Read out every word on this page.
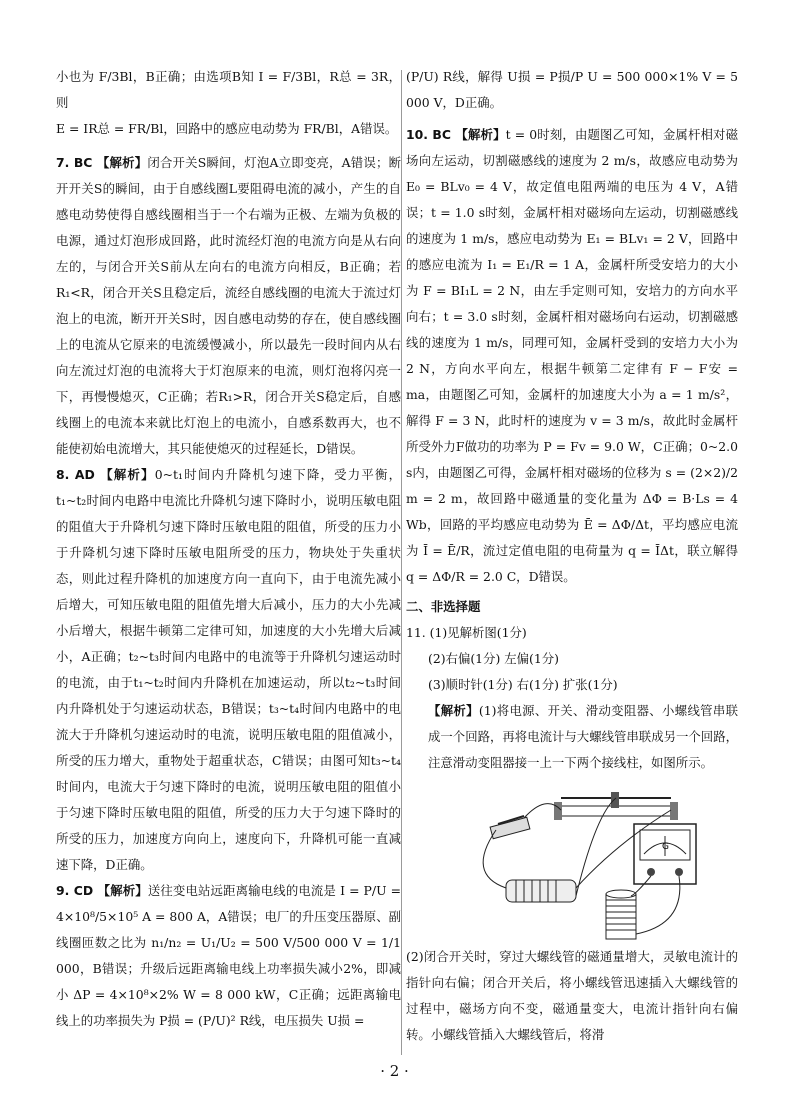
小也为 F/3Bl，B正确；由选项B知 I = F/3Bl，R总 = 3R，则

E = IR总 = FR/Bl，回路中的感应电动势为 FR/Bl，A错误。

7. BC 【解析】闭合开关S瞬间，灯泡A立即变亮，A错误；断开开关S的瞬间，由于自感线圈L要阻碍电流的减小，产生的自感电动势使得自感线圈相当于一个右端为正极、左端为负极的电源，通过灯泡形成回路，此时流经灯泡的电流方向是从右向左的，与闭合开关S前从左向右的电流方向相反，B正确；若R₁<R，闭合开关S且稳定后，流经自感线圈的电流大于流过灯泡上的电流，断开开关S时，因自感电动势的存在，使自感线圈上的电流从它原来的电流缓慢减小，所以最先一段时间内从右向左流过灯泡的电流将大于灯泡原来的电流，则灯泡将闪亮一下，再慢慢熄灭，C正确；若R₁>R，闭合开关S稳定后，自感线圈上的电流本来就比灯泡上的电流小，自感系数再大，也不能使初始电流增大，其只能使熄灭的过程延长，D错误。

8. AD 【解析】0~t₁时间内升降机匀速下降，受力平衡，t₁~t₂时间内电路中电流比升降机匀速下降时小，说明压敏电阻的阻值大于升降机匀速下降时压敏电阻的阻值，所受的压力小于升降机匀速下降时压敏电阻所受的压力，物块处于失重状态，则此过程升降机的加速度方向一直向下，由于电流先减小后增大，可知压敏电阻的阻值先增大后减小，压力的大小先减小后增大，根据牛顿第二定律可知，加速度的大小先增大后减小，A正确；t₂~t₃时间内电路中的电流等于升降机匀速运动时的电流，由于t₁~t₂时间内升降机在加速运动，所以t₂~t₃时间内升降机处于匀速运动状态，B错误；t₃~t₄时间内电路中的电流大于升降机匀速运动时的电流，说明压敏电阻的阻值减小，所受的压力增大，重物处于超重状态，C错误；由图可知t₃~t₄时间内，电流大于匀速下降时的电流，说明压敏电阻的阻值小于匀速下降时压敏电阻的阻值，所受的压力大于匀速下降时的所受的压力，加速度方向向上，速度向下，升降机可能一直减速下降，D正确。

9. CD 【解析】送往变电站远距离输电线的电流是 I = P/U = 4×10⁸/5×10⁵ A = 800 A，A错误；电厂的升压变压器原、副线圈匝数之比为 n₁/n₂ = U₁/U₂ = 500 V/500 000 V = 1/1 000，B错误；升级后远距离输电线上功率损失减小2%，即减小 ΔP = 4×10⁸×2% W = 8 000 kW，C正确；远距离输电线上的功率损失为 P损 = (P/U)² R线，电压损失 U损 =

(P/U) R线，解得 U损 = P损/P U = 500 000×1% V = 5 000 V，D正确。

10. BC 【解析】t = 0时刻，由题图乙可知，金属杆相对磁场向左运动，切割磁感线的速度为 2 m/s，故感应电动势为 E₀ = BLv₀ = 4 V，故定值电阻两端的电压为 4 V，A错误；t = 1.0 s时刻，金属杆相对磁场向左运动，切割磁感线的速度为 1 m/s，感应电动势为 E₁ = BLv₁ = 2 V，回路中的感应电流为 I₁ = E₁/R = 1 A，金属杆所受安培力的大小为 F = BI₁L = 2 N，由左手定则可知，安培力的方向水平向右；t = 3.0 s时刻，金属杆相对磁场向右运动，切割磁感线的速度为 1 m/s，同理可知，金属杆受到的安培力大小为 2 N，方向水平向左，根据牛顿第二定律有 F − F安 = ma，由题图乙可知，金属杆的加速度大小为 a = 1 m/s²，解得 F = 3 N，此时杆的速度为 v = 3 m/s，故此时金属杆所受外力F做功的功率为 P = Fv = 9.0 W，C正确；0~2.0 s内，由题图乙可得，金属杆相对磁场的位移为 s = (2×2)/2 m = 2 m，故回路中磁通量的变化量为 ΔΦ = B·Ls = 4 Wb，回路的平均感应电动势为 Ē = ΔΦ/Δt，平均感应电流为 Ī = Ē/R，流过定值电阻的电荷量为 q = ĪΔt，联立解得 q = ΔΦ/R = 2.0 C，D错误。

二、非选择题

11. (1)见解析图(1分)

(2)右偏(1分) 左偏(1分)

(3)顺时针(1分) 右(1分) 扩张(1分)

【解析】(1)将电源、开关、滑动变阻器、小螺线管串联成一个回路，再将电流计与大螺线管串联成另一个回路，注意滑动变阻器接一上一下两个接线柱，如图所示。

G

(2)闭合开关时，穿过大螺线管的磁通量增大，灵敏电流计的指针向右偏；闭合开关后，将小螺线管迅速插入大螺线管的过程中，磁场方向不变，磁通量变大，电流计指针向右偏转。小螺线管插入大螺线管后，将滑

· 2 ·
